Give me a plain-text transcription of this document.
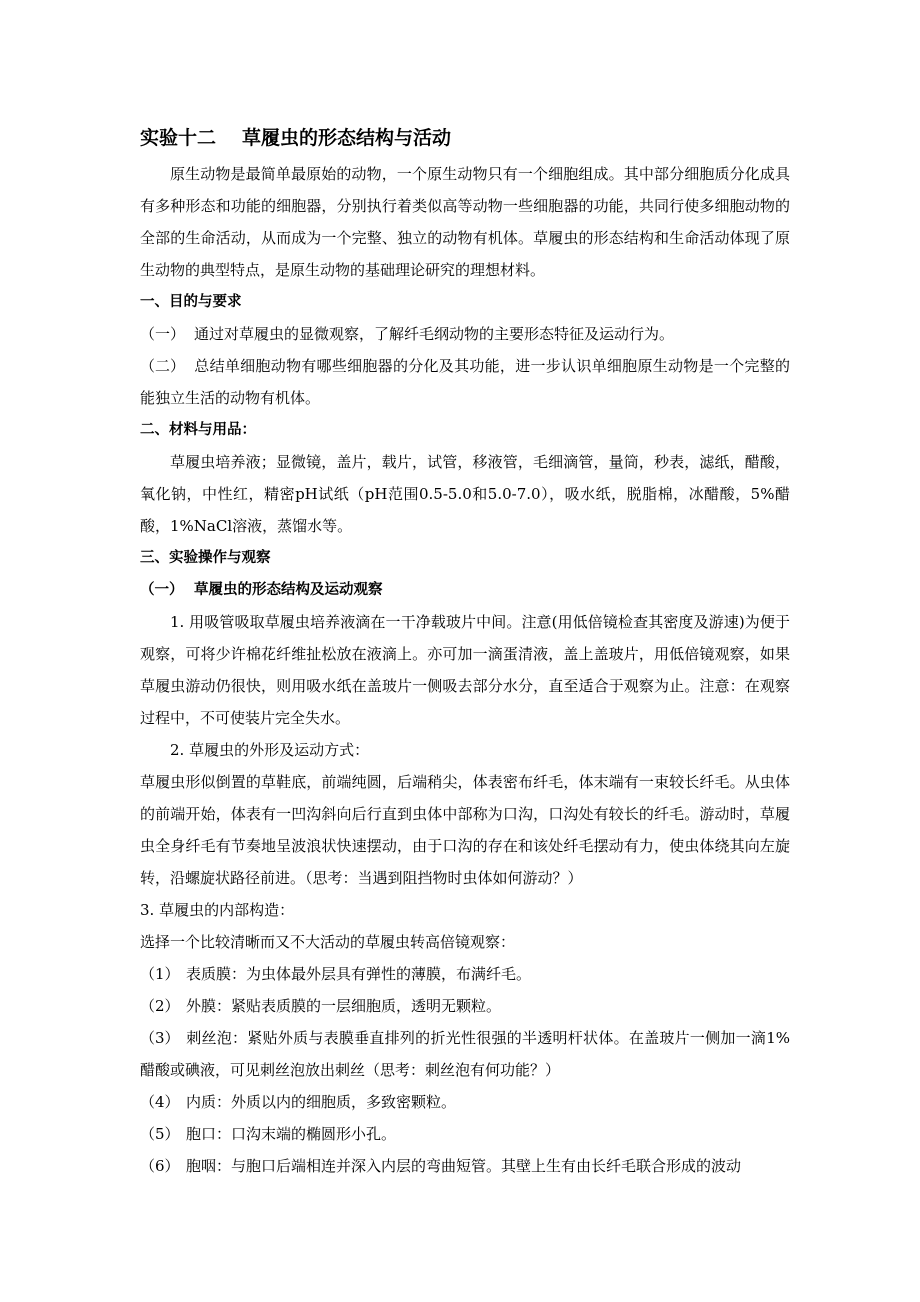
实验十二 草履虫的形态结构与活动

原生动物是最简单最原始的动物，一个原生动物只有一个细胞组成。其中部分细胞质分化成具有多种形态和功能的细胞器，分别执行着类似高等动物一些细胞器的功能，共同行使多细胞动物的全部的生命活动，从而成为一个完整、独立的动物有机体。草履虫的形态结构和生命活动体现了原生动物的典型特点，是原生动物的基础理论研究的理想材料。

一、目的与要求

（一） 通过对草履虫的显微观察，了解纤毛纲动物的主要形态特征及运动行为。

（二） 总结单细胞动物有哪些细胞器的分化及其功能，进一步认识单细胞原生动物是一个完整的能独立生活的动物有机体。

二、材料与用品：

草履虫培养液；显微镜，盖片，载片，试管，移液管，毛细滴管，量筒，秒表，滤纸，醋酸，氧化钠，中性红，精密pH试纸（pH范围0.5-5.0和5.0-7.0），吸水纸，脱脂棉，冰醋酸，5%醋酸，1%NaCl溶液，蒸馏水等。

三、实验操作与观察

（一） 草履虫的形态结构及运动观察

1. 用吸管吸取草履虫培养液滴在一干净载玻片中间。注意(用低倍镜检查其密度及游速)为便于观察，可将少许棉花纤维扯松放在液滴上。亦可加一滴蛋清液，盖上盖玻片，用低倍镜观察，如果草履虫游动仍很快，则用吸水纸在盖玻片一侧吸去部分水分，直至适合于观察为止。注意：在观察过程中，不可使装片完全失水。

2. 草履虫的外形及运动方式：

草履虫形似倒置的草鞋底，前端纯圆，后端稍尖，体表密布纤毛，体末端有一束较长纤毛。从虫体的前端开始，体表有一凹沟斜向后行直到虫体中部称为口沟，口沟处有较长的纤毛。游动时，草履虫全身纤毛有节奏地呈波浪状快速摆动，由于口沟的存在和该处纤毛摆动有力，使虫体绕其向左旋转，沿螺旋状路径前进。（思考：当遇到阻挡物时虫体如何游动？）

3. 草履虫的内部构造：

选择一个比较清晰而又不大活动的草履虫转高倍镜观察：

（1） 表质膜：为虫体最外层具有弹性的薄膜，布满纤毛。

（2） 外膜：紧贴表质膜的一层细胞质，透明无颗粒。

（3） 刺丝泡：紧贴外质与表膜垂直排列的折光性很强的半透明杆状体。在盖玻片一侧加一滴1%醋酸或碘液，可见刺丝泡放出刺丝（思考：刺丝泡有何功能？）

（4） 内质：外质以内的细胞质，多致密颗粒。

（5） 胞口：口沟末端的椭圆形小孔。

（6） 胞咽：与胞口后端相连并深入内层的弯曲短管。其壁上生有由长纤毛联合形成的波动
